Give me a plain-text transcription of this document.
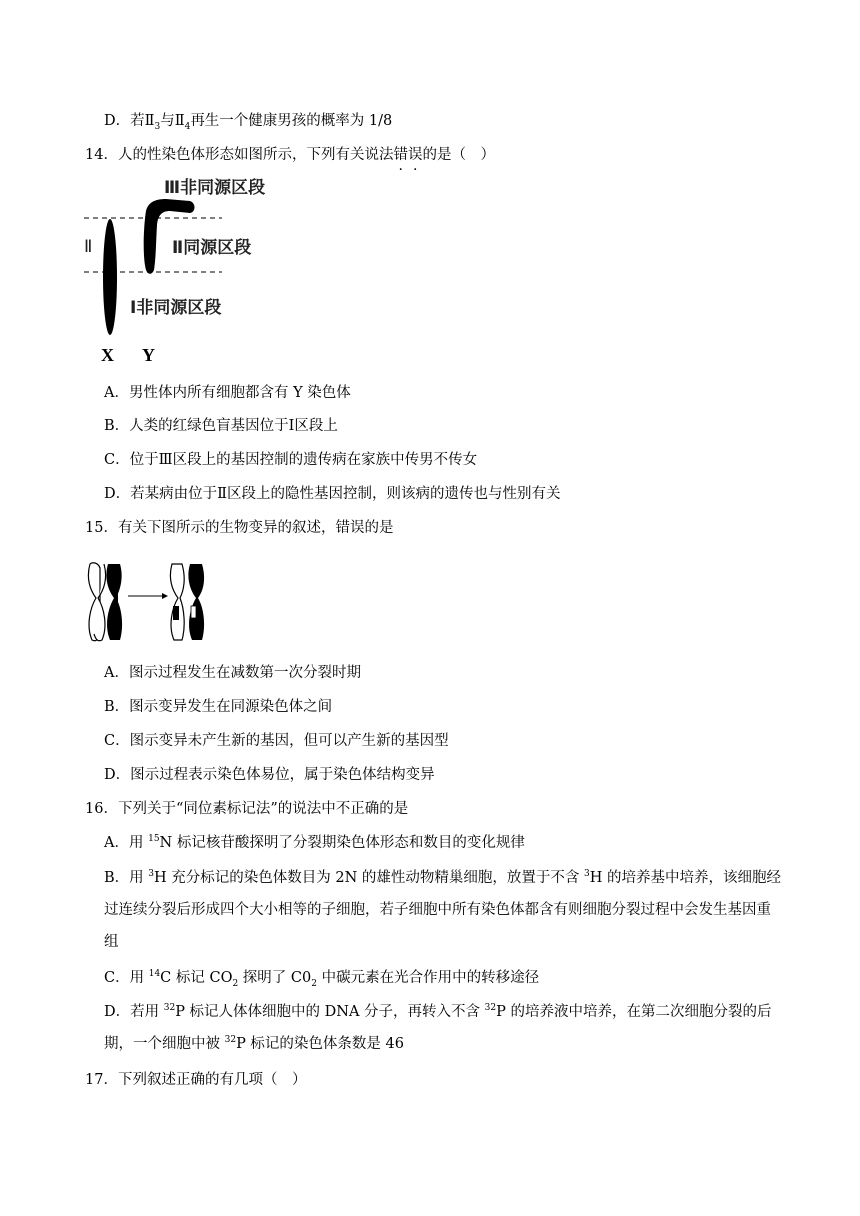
D．若$Ⅱ_3$与$Ⅱ_4$再生一个健康男孩的概率为 1/8
14．人的性染色体形态如图所示，下列有关说法错误的是（　）
Ⅲ非同源区段
Ⅱ	Ⅱ同源区段
Ⅰ非同源区段
X Y
A．男性体内所有细胞都含有 Y 染色体
B．人类的红绿色盲基因位于Ⅰ区段上
C．位于Ⅲ区段上的基因控制的遗传病在家族中传男不传女
D．若某病由位于Ⅱ区段上的隐性基因控制，则该病的遗传也与性别有关
15．有关下图所示的生物变异的叙述，错误的是
A．图示过程发生在减数第一次分裂时期
B．图示变异发生在同源染色体之间
C．图示变异未产生新的基因，但可以产生新的基因型
D．图示过程表示染色体易位，属于染色体结构变异
16．下列关于“同位素标记法”的说法中不正确的是
A．用 $^{15}$N 标记核苷酸探明了分裂期染色体形态和数目的变化规律
B．用 $^3$H 充分标记的染色体数目为 2N 的雄性动物精巢细胞，放置于不含 $^3$H 的培养基中培养，该细胞经过连续分裂后形成四个大小相等的子细胞，若子细胞中所有染色体都含有则细胞分裂过程中会发生基因重组
C．用 $^{14}$C 标记 $CO_2$ 探明了 $C0_2$ 中碳元素在光合作用中的转移途径
D．若用 $^{32}$P 标记人体体细胞中的 DNA 分子，再转入不含 $^{32}$P 的培养液中培养，在第二次细胞分裂的后期，一个细胞中被 $^{32}$P 标记的染色体条数是 46
17．下列叙述正确的有几项（　）
